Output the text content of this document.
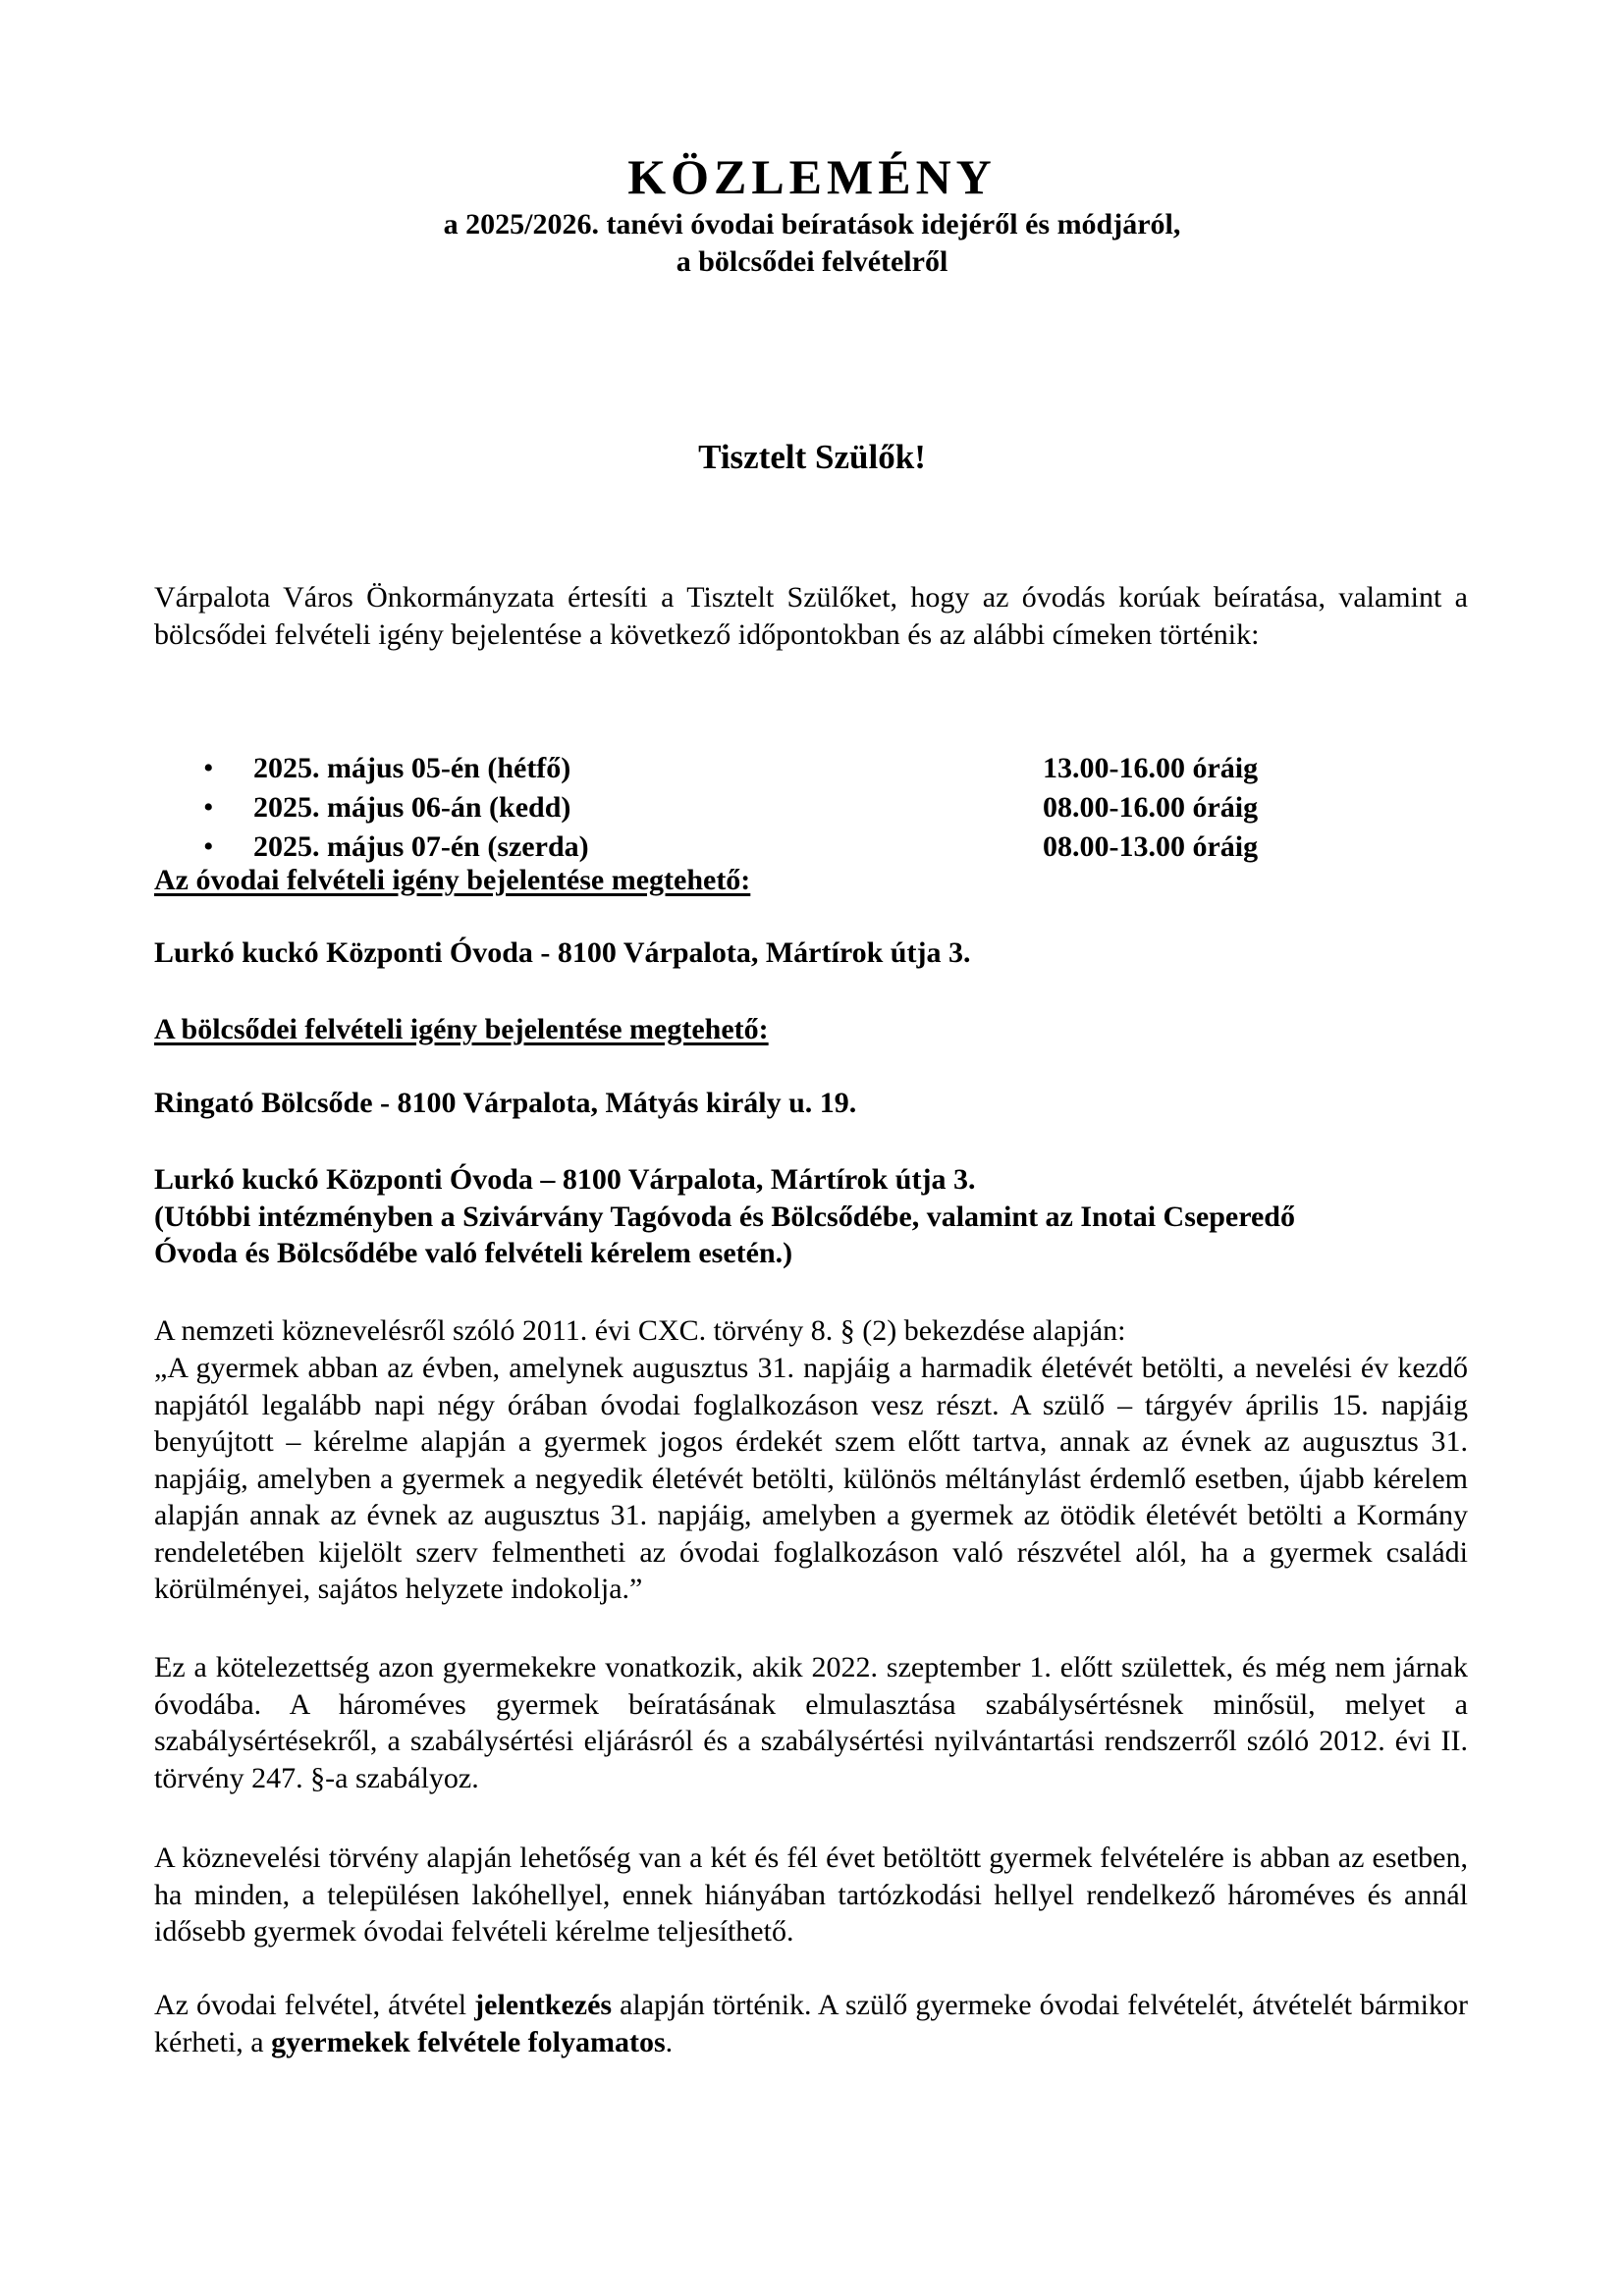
KÖZLEMÉNY
a 2025/2026. tanévi óvodai beíratások idejéről és módjáról,
a bölcsődei felvételről
Tisztelt Szülők!

Várpalota Város Önkormányzata értesíti a Tisztelt Szülőket, hogy az óvodás korúak beíratása, valamint a bölcsődei felvételi igény bejelentése a következő időpontokban és az alábbi címeken történik:

• 2025. május 05-én (hétfő)	13.00-16.00 óráig
• 2025. május 06-án (kedd)	08.00-16.00 óráig
• 2025. május 07-én (szerda)	08.00-13.00 óráig
Az óvodai felvételi igény bejelentése megtehető:
Lurkó kuckó Központi Óvoda - 8100 Várpalota, Mártírok útja 3.
A bölcsődei felvételi igény bejelentése megtehető:
Ringató Bölcsőde - 8100 Várpalota, Mátyás király u. 19.
Lurkó kuckó Központi Óvoda – 8100 Várpalota, Mártírok útja 3.
(Utóbbi intézményben a Szivárvány Tagóvoda és Bölcsődébe, valamint az Inotai Cseperedő Óvoda és Bölcsődébe való felvételi kérelem esetén.)
A nemzeti köznevelésről szóló 2011. évi CXC. törvény 8. § (2) bekezdése alapján:

„A gyermek abban az évben, amelynek augusztus 31. napjáig a harmadik életévét betölti, a nevelési év kezdő napjától legalább napi négy órában óvodai foglalkozáson vesz részt. A szülő – tárgyév április 15. napjáig benyújtott – kérelme alapján a gyermek jogos érdekét szem előtt tartva, annak az évnek az augusztus 31. napjáig, amelyben a gyermek a negyedik életévét betölti, különös méltánylást érdemlő esetben, újabb kérelem alapján annak az évnek az augusztus 31. napjáig, amelyben a gyermek az ötödik életévét betölti a Kormány rendeletében kijelölt szerv felmentheti az óvodai foglalkozáson való részvétel alól, ha a gyermek családi körülményei, sajátos helyzete indokolja.”

Ez a kötelezettség azon gyermekekre vonatkozik, akik 2022. szeptember 1. előtt születtek, és még nem járnak óvodába. A hároméves gyermek beíratásának elmulasztása szabálysértésnek minősül, melyet a szabálysértésekről, a szabálysértési eljárásról és a szabálysértési nyilvántartási rendszerről szóló 2012. évi II. törvény 247. §-a szabályoz.

A köznevelési törvény alapján lehetőség van a két és fél évet betöltött gyermek felvételére is abban az esetben, ha minden, a településen lakóhellyel, ennek hiányában tartózkodási hellyel rendelkező hároméves és annál idősebb gyermek óvodai felvételi kérelme teljesíthető.

Az óvodai felvétel, átvétel jelentkezés alapján történik. A szülő gyermeke óvodai felvételét, átvételét bármikor kérheti, a gyermekek felvétele folyamatos.
